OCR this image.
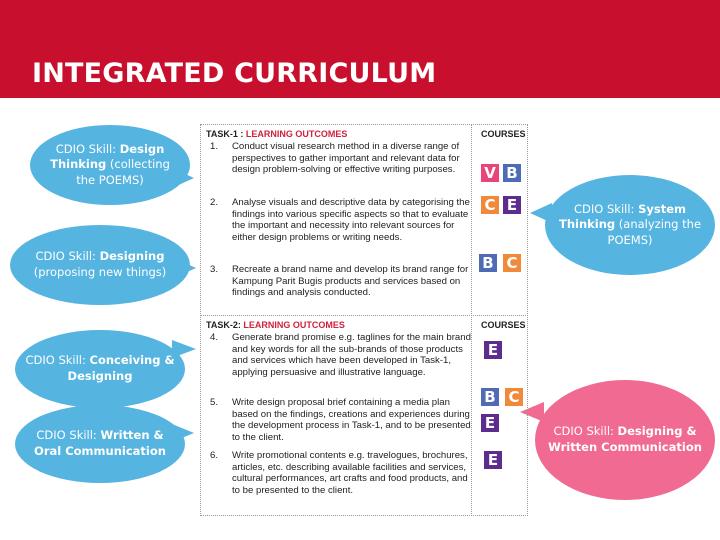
INTEGRATED CURRICULUM
CDIO Skill: Design Thinking (collecting the POEMS)
CDIO Skill: Designing (proposing new things)
CDIO Skill: Conceiving & Designing
CDIO Skill: Written & Oral Communication
CDIO Skill: System Thinking (analyzing the POEMS)
CDIO Skill: Designing & Written Communication
TASK-1 : LEARNING OUTCOMES	COURSES
1. Conduct visual research method in a diverse range of perspectives to gather important and relevant data for design problem-solving or effective writing purposes.
2. Analyse visuals and descriptive data by categorising the findings into various specific aspects so that to evaluate the important and necessity into relevant sources for either design problems or writing needs.
3. Recreate a brand name and develop its brand range for Kampung Parit Bugis products and services based on findings and analysis conducted.
TASK-2: LEARNING OUTCOMES	COURSES
4. Generate brand promise e.g. taglines for the main brand and key words for all the sub-brands of those products and services which have been developed in Task-1, applying persuasive and illustrative language.
5. Write design proposal brief containing a media plan based on the findings, creations and experiences during the development process in Task-1, and to be presented to the client.
6. Write promotional contents e.g. travelogues, brochures, articles, etc. describing available facilities and services, cultural performances, art crafts and food products, and to be presented to the client.
V B
C E
B C
E
B C
E
E
